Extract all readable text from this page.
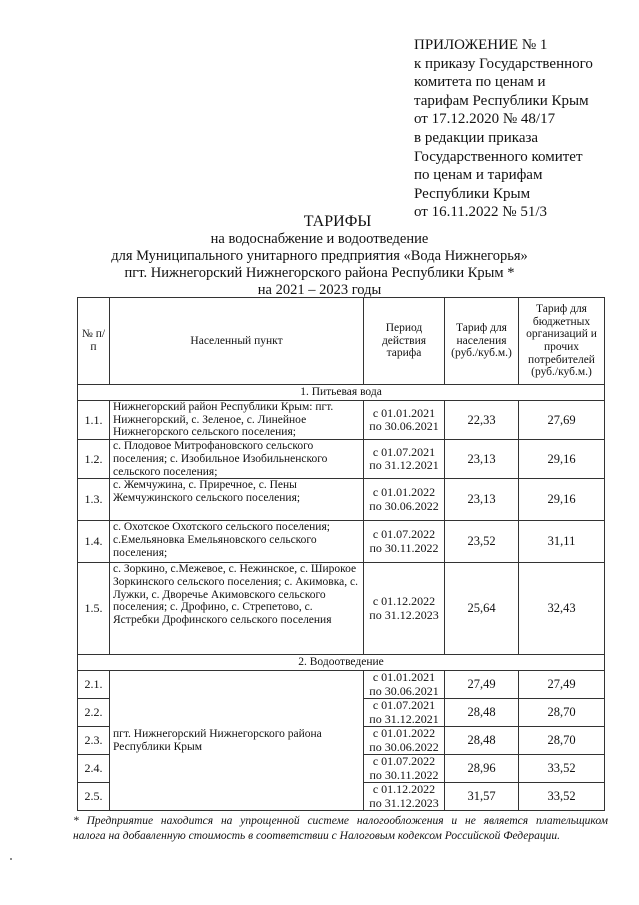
ПРИЛОЖЕНИЕ № 1
к приказу Государственного
комитета по ценам и
тарифам Республики Крым
от 17.12.2020 № 48/17
в редакции приказа
Государственного комитет
по ценам и тарифам
Республики Крым
от 16.11.2022 № 51/3
ТАРИФЫ
на водоснабжение и водоотведение
для Муниципального унитарного предприятия «Вода Нижнегорья»
пгт. Нижнегорский Нижнегорского района Республики Крым *
на 2021 – 2023 годы
№ п/п	Населенный пункт	Период действия тарифа	Тариф для населения (руб./куб.м.)	Тариф для бюджетных организаций и прочих потребителей (руб./куб.м.)
1. Питьевая вода				
1.1.	Нижнегорский район Республики Крым: пгт. Нижнегорский, с. Зеленое, с. Линейное Нижнегорского сельского поселения;	с 01.01.2021
по 30.06.2021	22,33	27,69
1.2.	с. Плодовое Митрофановского сельского поселения; с. Изобильное Изобильненского сельского поселения;	с 01.07.2021
по 31.12.2021	23,13	29,16
1.3.	с. Жемчужина, с. Приречное, с. Пены Жемчужинского сельского поселения;	с 01.01.2022
по 30.06.2022	23,13	29,16
1.4.	с. Охотское Охотского сельского поселения; с.Емельяновка Емельяновского сельского поселения;	с 01.07.2022
по 30.11.2022	23,52	31,11
1.5.	с. Зоркино, с.Межевое, с. Нежинское, с. Широкое Зоркинского сельского поселения; с. Акимовка, с. Лужки, с. Дворечье Акимовского сельского поселения; с. Дрофино, с. Стрепетово, с. Ястребки Дрофинского сельского поселения	с 01.12.2022
по 31.12.2023	25,64	32,43
2. Водоотведение				
2.1.	пгт. Нижнегорский Нижнегорского района Республики Крым	с 01.01.2021
по 30.06.2021	27,49	27,49
2.2.		с 01.07.2021
по 31.12.2021	28,48	28,70
2.3.		с 01.01.2022
по 30.06.2022	28,48	28,70
2.4.		с 01.07.2022
по 30.11.2022	28,96	33,52
2.5.		с 01.12.2022
по 31.12.2023	31,57	33,52
* Предприятие находится на упрощенной системе налогообложения и не является плательщиком
налога на добавленную стоимость в соответствии с Налоговым кодексом Российской Федерации.
